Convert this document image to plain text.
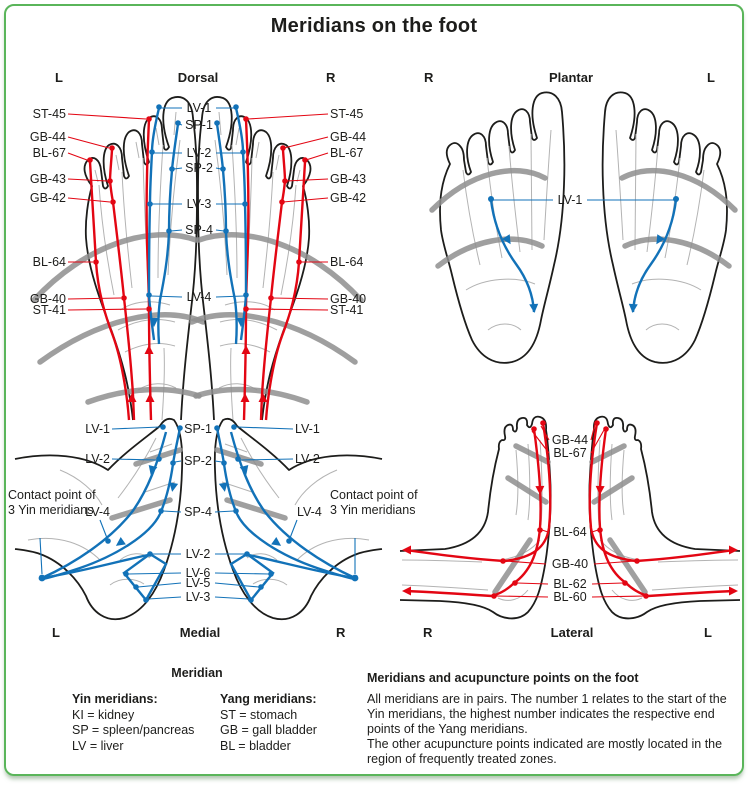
Meridians on the foot
L	Dorsal	R	R	Plantar	L
L	Medial	R	R	Lateral	L
ST-45
GB-44
BL-67
GB-43
GB-42
BL-64
GB-40
ST-41
LV-1
SP-1
LV-2
SP-2
LV-3
SP-4
LV-4
ST-45
GB-44
BL-67
GB-43
GB-42
BL-64
GB-40
ST-41
LV-1
LV-1
LV-2
LV-4
Contact point of 3 Yin meridians
SP-1
SP-2
SP-4
LV-2
LV-6
LV-5
LV-3
LV-1
LV-2
LV-4
Contact point of 3 Yin meridians
GB-44
BL-67
BL-64
GB-40
BL-62
BL-60
Meridian
Yin meridians:
KI = kidney
SP = spleen/pancreas
LV = liver
Yang meridians:
ST = stomach
GB = gall bladder
BL = bladder
Meridians and acupuncture points on the foot
All meridians are in pairs. The number 1 relates to the start of the Yin meridians, the highest number indicates the respective end points of the Yang meridians.
The other acupuncture points indicated are mostly located in the region of frequently treated zones.
